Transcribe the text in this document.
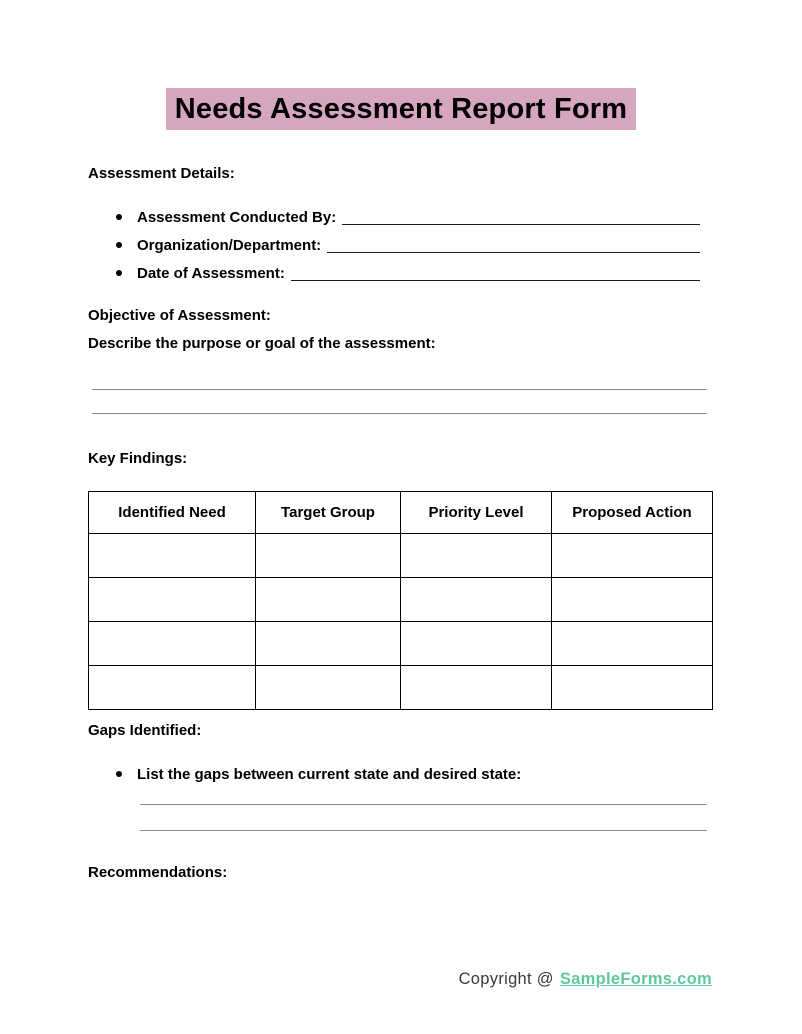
Needs Assessment Report Form
Assessment Details:
Assessment Conducted By:
Organization/Department:
Date of Assessment:
Objective of Assessment:
Describe the purpose or goal of the assessment:
Key Findings:
Identified Need	Target Group	Priority Level	Proposed Action

Gaps Identified:
List the gaps between current state and desired state:
Recommendations:
Copyright @ SampleForms.com
